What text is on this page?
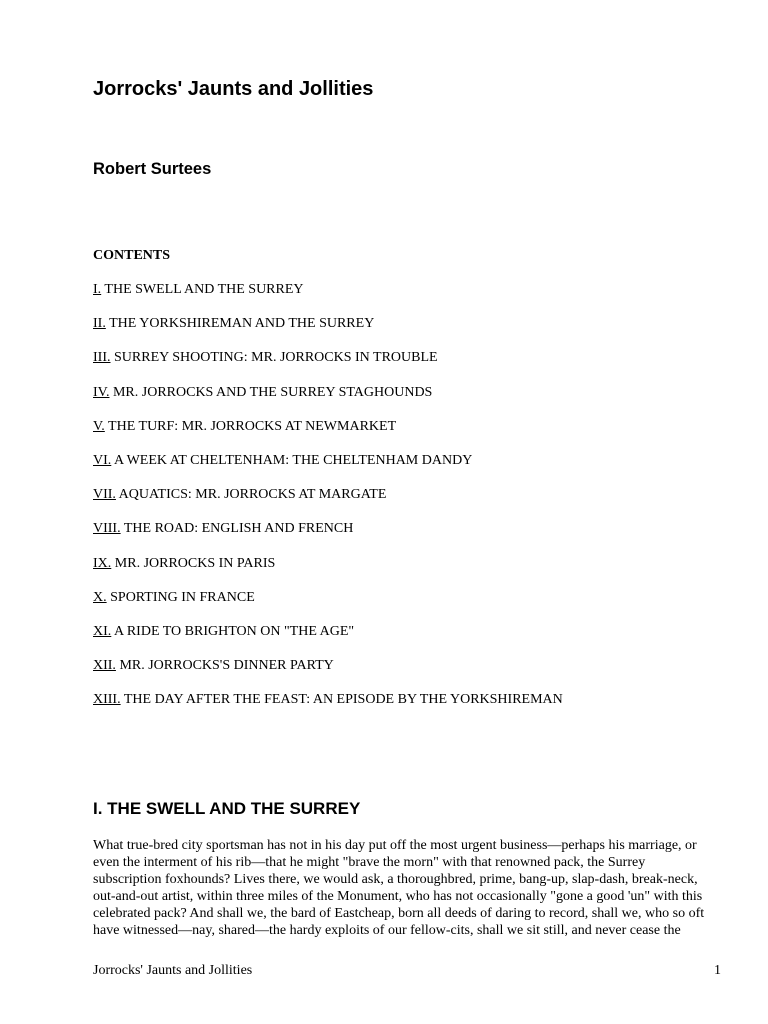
Jorrocks' Jaunts and Jollities
Robert Surtees
CONTENTS
I. THE SWELL AND THE SURREY
II. THE YORKSHIREMAN AND THE SURREY
III. SURREY SHOOTING: MR. JORROCKS IN TROUBLE
IV. MR. JORROCKS AND THE SURREY STAGHOUNDS
V. THE TURF: MR. JORROCKS AT NEWMARKET
VI. A WEEK AT CHELTENHAM: THE CHELTENHAM DANDY
VII. AQUATICS: MR. JORROCKS AT MARGATE
VIII. THE ROAD: ENGLISH AND FRENCH
IX. MR. JORROCKS IN PARIS
X. SPORTING IN FRANCE
XI. A RIDE TO BRIGHTON ON "THE AGE"
XII. MR. JORROCKS'S DINNER PARTY
XIII. THE DAY AFTER THE FEAST: AN EPISODE BY THE YORKSHIREMAN
I. THE SWELL AND THE SURREY

What true-bred city sportsman has not in his day put off the most urgent business—perhaps his marriage, or
even the interment of his rib—that he might "brave the morn" with that renowned pack, the Surrey
subscription foxhounds? Lives there, we would ask, a thoroughbred, prime, bang-up, slap-dash, break-neck,
out-and-out artist, within three miles of the Monument, who has not occasionally "gone a good 'un" with this
celebrated pack? And shall we, the bard of Eastcheap, born all deeds of daring to record, shall we, who so oft
have witnessed—nay, shared—the hardy exploits of our fellow-cits, shall we sit still, and never cease the

Jorrocks' Jaunts and Jollities	1
